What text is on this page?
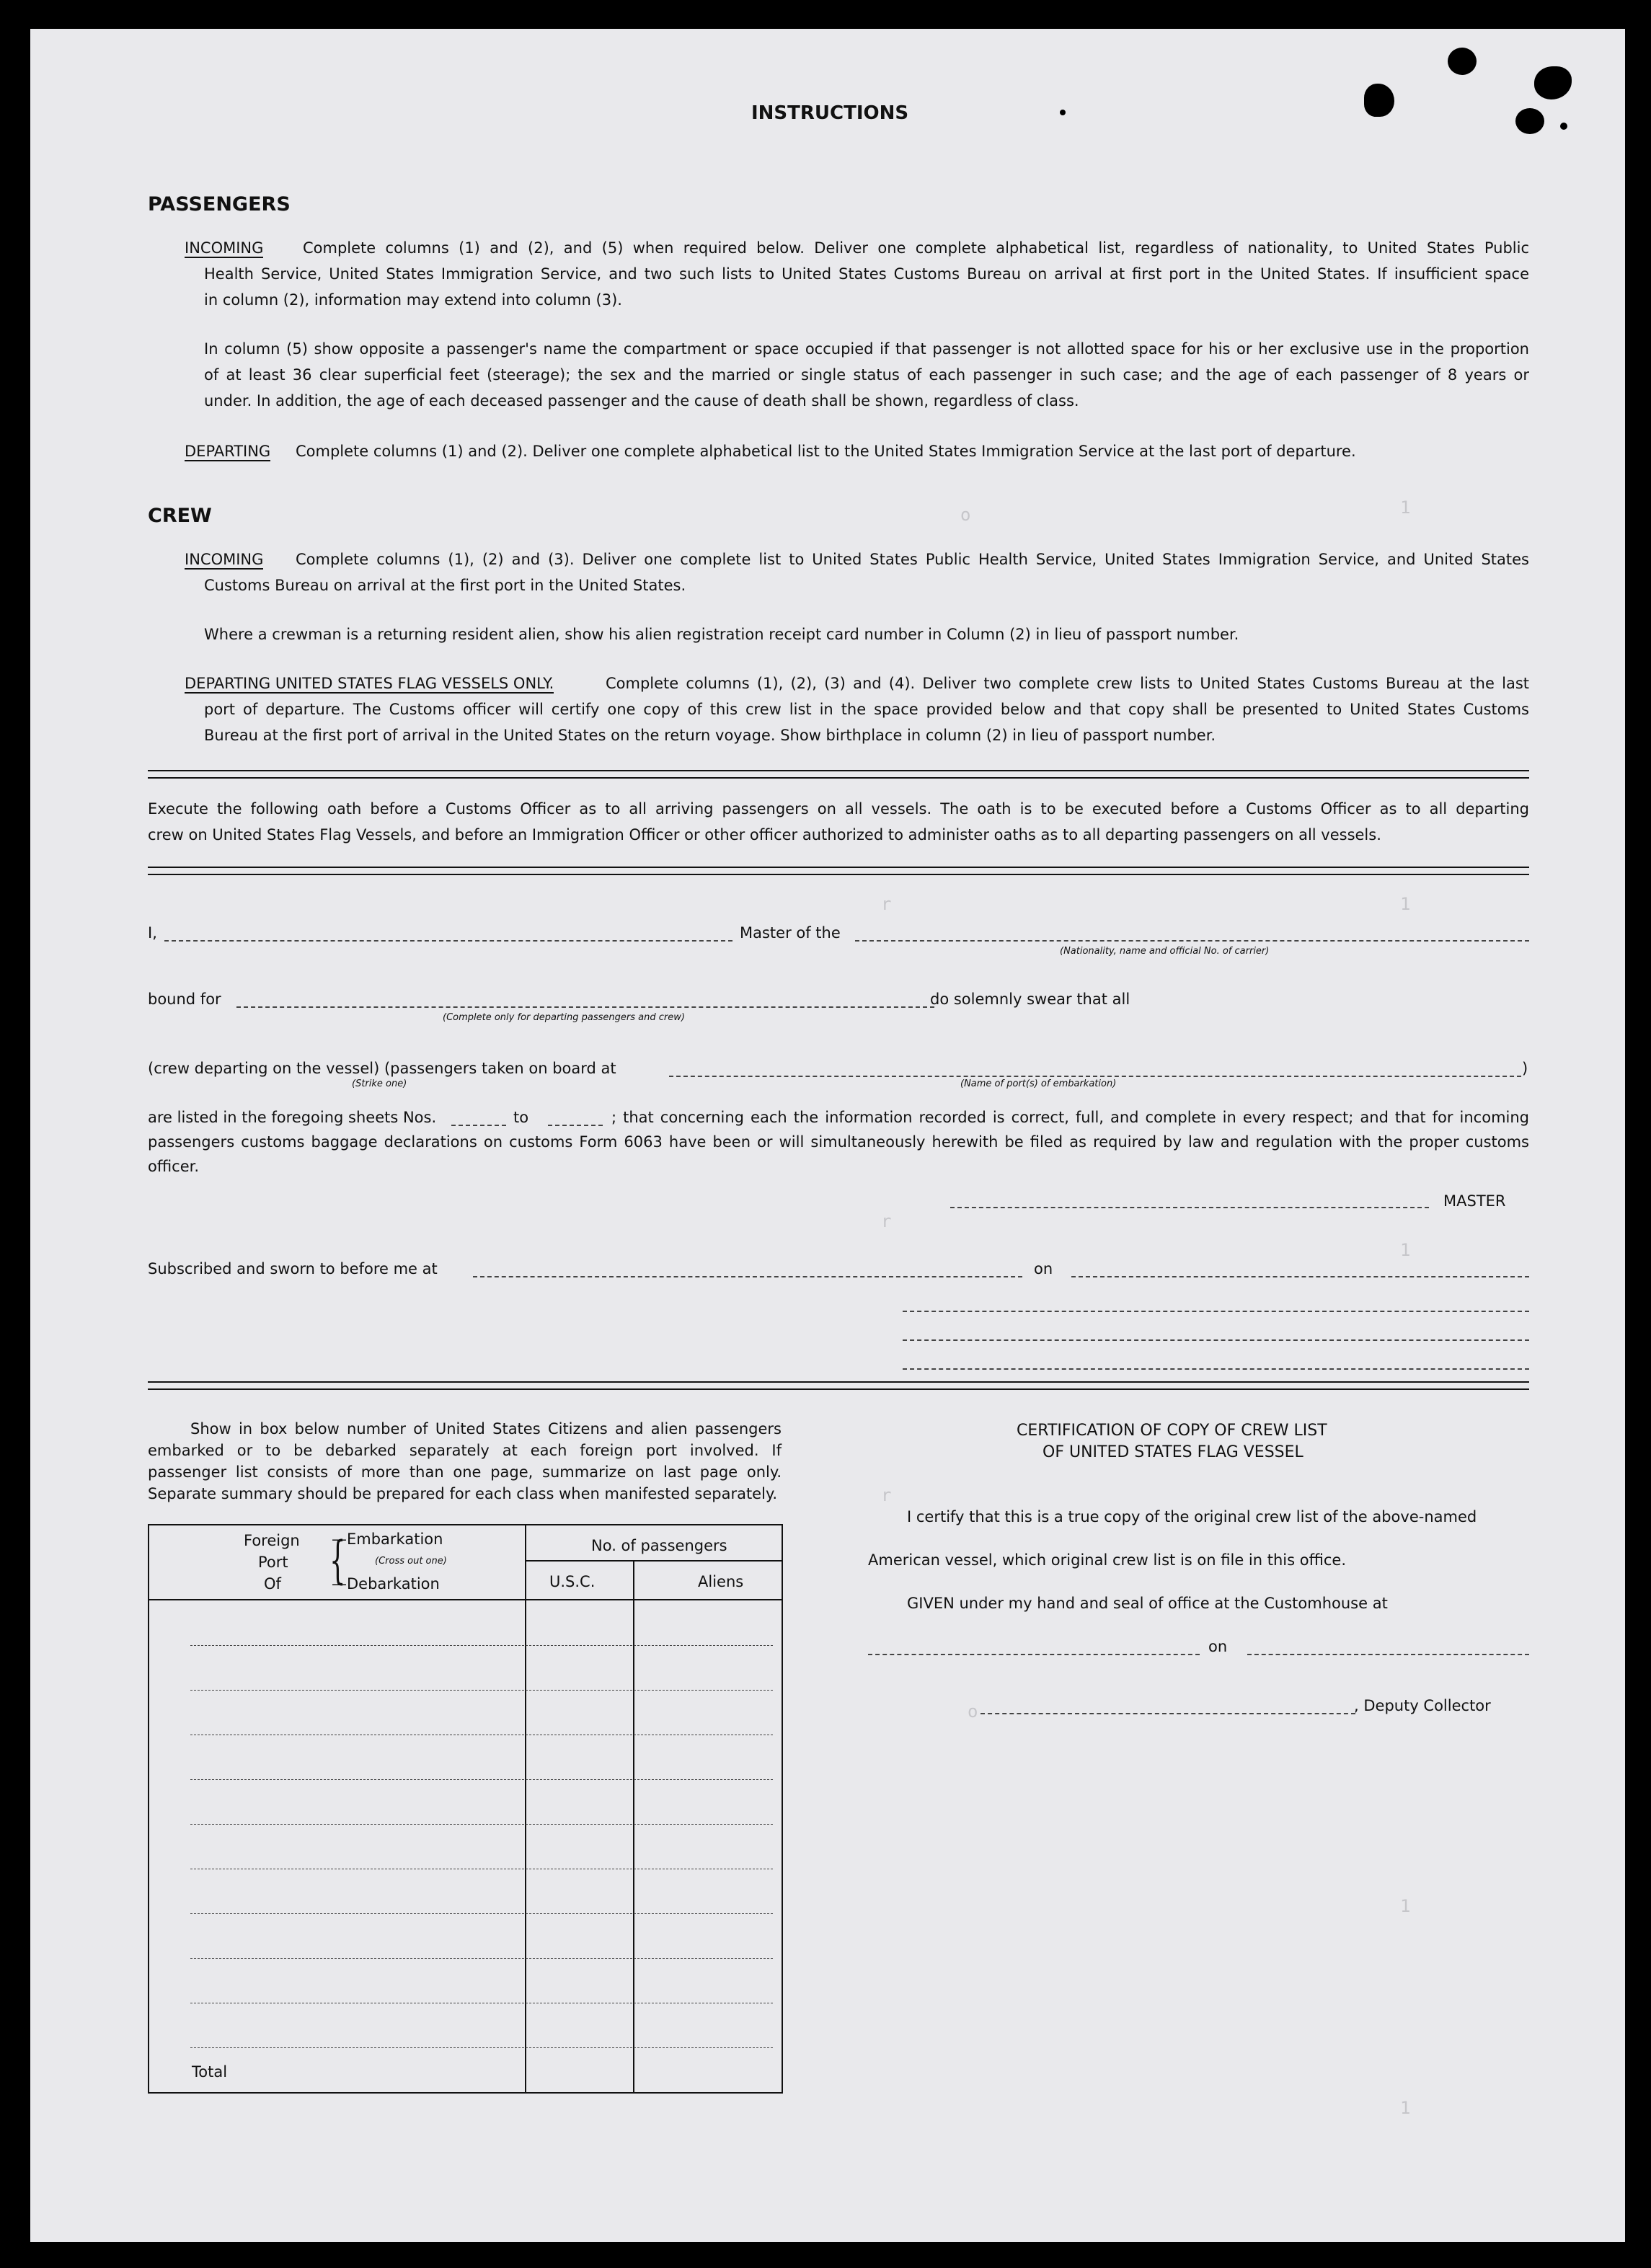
1
o
1
r
r
1
r
o
1
1
INSTRUCTIONS
PASSENGERS
INCOMING	Complete columns (1) and (2), and (5) when required below. Deliver one complete alphabetical list, regardless of nationality, to United States Public
Health Service, United States Immigration Service, and two such lists to United States Customs Bureau on arrival at first port in the United States. If insufficient space
in column (2), information may extend into column (3).
In column (5) show opposite a passenger's name the compartment or space occupied if that passenger is not allotted space for his or her exclusive use in the proportion
of at least 36 clear superficial feet (steerage); the sex and the married or single status of each passenger in such case; and the age of each passenger of 8 years or
under. In addition, the age of each deceased passenger and the cause of death shall be shown, regardless of class.
DEPARTING Complete columns (1) and (2). Deliver one complete alphabetical list to the United States Immigration Service at the last port of departure.
CREW
INCOMING Complete columns (1), (2) and (3). Deliver one complete list to United States Public Health Service, United States Immigration Service, and United States
Customs Bureau on arrival at the first port in the United States.
Where a crewman is a returning resident alien, show his alien registration receipt card number in Column (2) in lieu of passport number.
DEPARTING UNITED STATES FLAG VESSELS ONLY.	Complete columns (1), (2), (3) and (4). Deliver two complete crew lists to United States Customs Bureau at the last
port of departure. The Customs officer will certify one copy of this crew list in the space provided below and that copy shall be presented to United States Customs
Bureau at the first port of arrival in the United States on the return voyage. Show birthplace in column (2) in lieu of passport number.
Execute the following oath before a Customs Officer as to all arriving passengers on all vessels. The oath is to be executed before a Customs Officer as to all departing
crew on United States Flag Vessels, and before an Immigration Officer or other officer authorized to administer oaths as to all departing passengers on all vessels.
I,	Master of the
(Nationality, name and official No. of carrier)
bound for
(Complete only for departing passengers and crew)
do solemnly swear that all
(crew departing on the vessel) (passengers taken on board at
(Strike one)	(Name of port(s) of embarkation)
)
are listed in the foregoing sheets Nos.	to	; that concerning each the information recorded is correct, full, and complete in every respect; and that for incoming
passengers customs baggage declarations on customs Form 6063 have been or will simultaneously herewith be filed as required by law and regulation with the proper customs
officer.
MASTER
Subscribed and sworn to before me at	on
Show in box below number of United States Citizens and alien passengers
embarked or to be debarked separately at each foreign port involved. If
passenger list consists of more than one page, summarize on last page only.
Separate summary should be prepared for each class when manifested separately.
Foreign
Port
Of {
—Embarkation
(Cross out one)
—Debarkation
No. of passengers
U.S.C.	Aliens
Total
CERTIFICATION OF COPY OF CREW LIST
OF UNITED STATES FLAG VESSEL
I certify that this is a true copy of the original crew list of the above-named
American vessel, which original crew list is on file in this office.
GIVEN under my hand and seal of office at the Customhouse at
on
, Deputy Collector
